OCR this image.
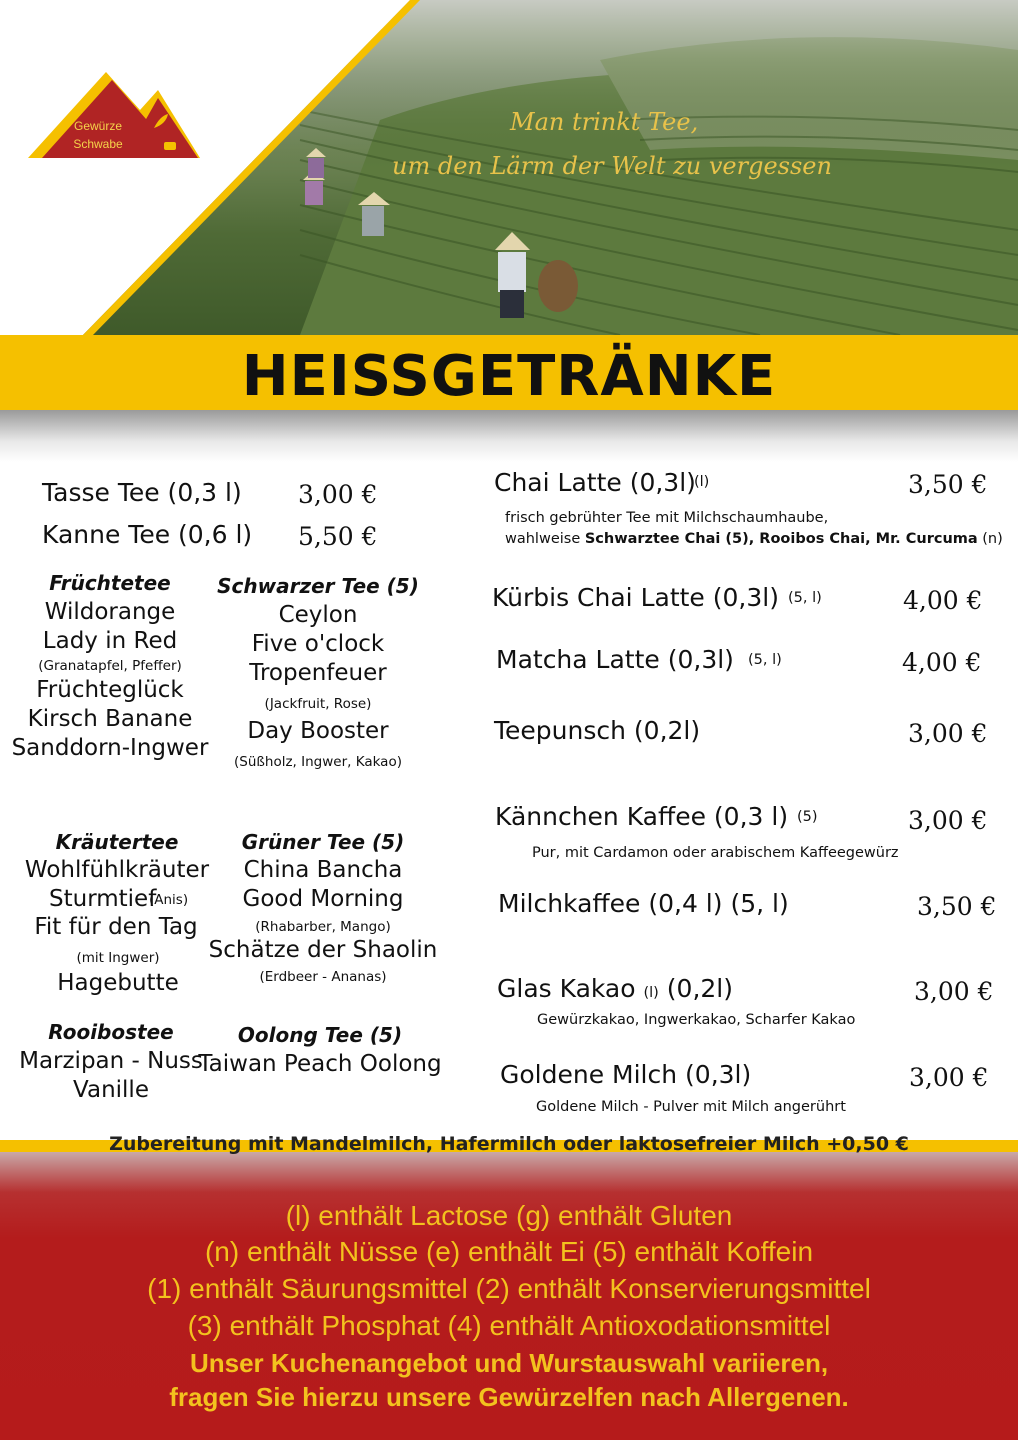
Gewürze
Schwabe
Man trinkt Tee,
um den Lärm der Welt zu vergessen
HEISSGETRÄNKE
Tasse Tee (0,3 l) 3,00 €
Kanne Tee (0,6 l) 5,50 €
Früchtetee
Wildorange
Lady in Red
(Granatapfel, Pfeffer)
Früchteglück
Kirsch Banane
Sanddorn-Ingwer
Schwarzer Tee (5)
Ceylon
Five o'clock
Tropenfeuer
(Jackfruit, Rose)
Day Booster
(Süßholz, Ingwer, Kakao)
Kräutertee
Wohlfühlkräuter
Sturmtief
(Anis)
Fit für den Tag
(mit Ingwer)
Hagebutte
Grüner Tee (5)
China Bancha
Good Morning
(Rhabarber, Mango)
Schätze der Shaolin
(Erdbeer - Ananas)
Rooibostee
Marzipan - Nuss
Vanille
Oolong Tee (5)
Taiwan Peach Oolong
Chai Latte (0,3l)
(l)	3,50 €
frisch gebrühter Tee mit Milchschaumhaube,
wahlweise Schwarztee Chai (5), Rooibos Chai, Mr. Curcuma (n)
Kürbis Chai Latte (0,3l) (5, l)	4,00 €
Matcha Latte (0,3l) (5, l)	4,00 €
Teepunsch (0,2l)	3,00 €
Kännchen Kaffee (0,3 l) (5)	3,00 €
Pur, mit Cardamon oder arabischem Kaffeegewürz
Milchkaffee (0,4 l) (5, l)	3,50 €
Glas Kakao (l) (0,2l)	3,00 €
Gewürzkakao, Ingwerkakao, Scharfer Kakao
Goldene Milch (0,3l)	3,00 €
Goldene Milch - Pulver mit Milch angerührt
Zubereitung mit Mandelmilch, Hafermilch oder laktosefreier Milch +0,50 €
(l) enthält Lactose (g) enthält Gluten
(n) enthält Nüsse (e) enthält Ei (5) enthält Koffein
(1) enthält Säurungsmittel (2) enthält Konservierungsmittel
(3) enthält Phosphat (4) enthält Antioxodationsmittel
Unser Kuchenangebot und Wurstauswahl variieren,
fragen Sie hierzu unsere Gewürzelfen nach Allergenen.
